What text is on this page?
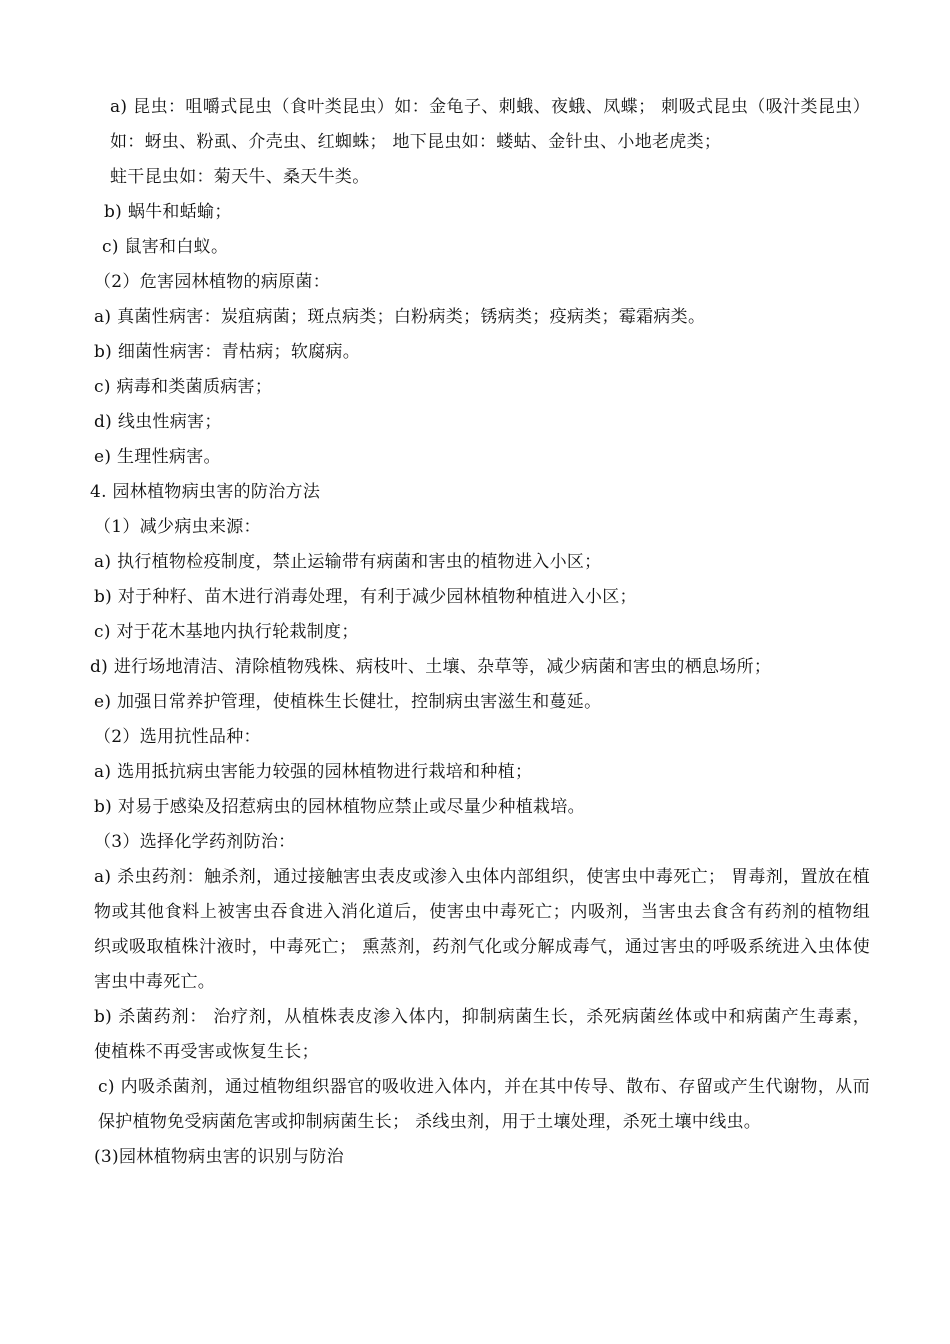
a) 昆虫：咀嚼式昆虫（食叶类昆虫）如：金龟子、刺蛾、夜蛾、凤蝶； 刺吸式昆虫（吸汁类昆虫）如：蚜虫、粉虱、介壳虫、红蜘蛛； 地下昆虫如：蝼蛄、金针虫、小地老虎类；
蛀干昆虫如：菊天牛、桑天牛类。
b) 蜗牛和蛞蝓；
c) 鼠害和白蚁。
（2）危害园林植物的病原菌：
a) 真菌性病害：炭疽病菌；斑点病类；白粉病类；锈病类；疫病类；霉霜病类。
b) 细菌性病害：青枯病；软腐病。
c) 病毒和类菌质病害；
d) 线虫性病害；
e) 生理性病害。
4. 园林植物病虫害的防治方法
（1）减少病虫来源：
a) 执行植物检疫制度，禁止运输带有病菌和害虫的植物进入小区；
b) 对于种籽、苗木进行消毒处理，有利于减少园林植物种植进入小区；
c) 对于花木基地内执行轮栽制度；
d) 进行场地清洁、清除植物残株、病枝叶、土壤、杂草等，减少病菌和害虫的栖息场所；
e) 加强日常养护管理，使植株生长健壮，控制病虫害滋生和蔓延。
（2）选用抗性品种：
a) 选用抵抗病虫害能力较强的园林植物进行栽培和种植；
b) 对易于感染及招惹病虫的园林植物应禁止或尽量少种植栽培。
（3）选择化学药剂防治：
a) 杀虫药剂：触杀剂，通过接触害虫表皮或渗入虫体内部组织，使害虫中毒死亡； 胃毒剂，置放在植物或其他食料上被害虫吞食进入消化道后，使害虫中毒死亡；内吸剂，当害虫去食含有药剂的植物组织或吸取植株汁液时，中毒死亡； 熏蒸剂，药剂气化或分解成毒气，通过害虫的呼吸系统进入虫体使害虫中毒死亡。
b) 杀菌药剂： 治疗剂，从植株表皮渗入体内，抑制病菌生长，杀死病菌丝体或中和病菌产生毒素， 使植株不再受害或恢复生长；
c) 内吸杀菌剂，通过植物组织器官的吸收进入体内，并在其中传导、散布、存留或产生代谢物，从而保护植物免受病菌危害或抑制病菌生长； 杀线虫剂，用于土壤处理，杀死土壤中线虫。
(3)园林植物病虫害的识别与防治
